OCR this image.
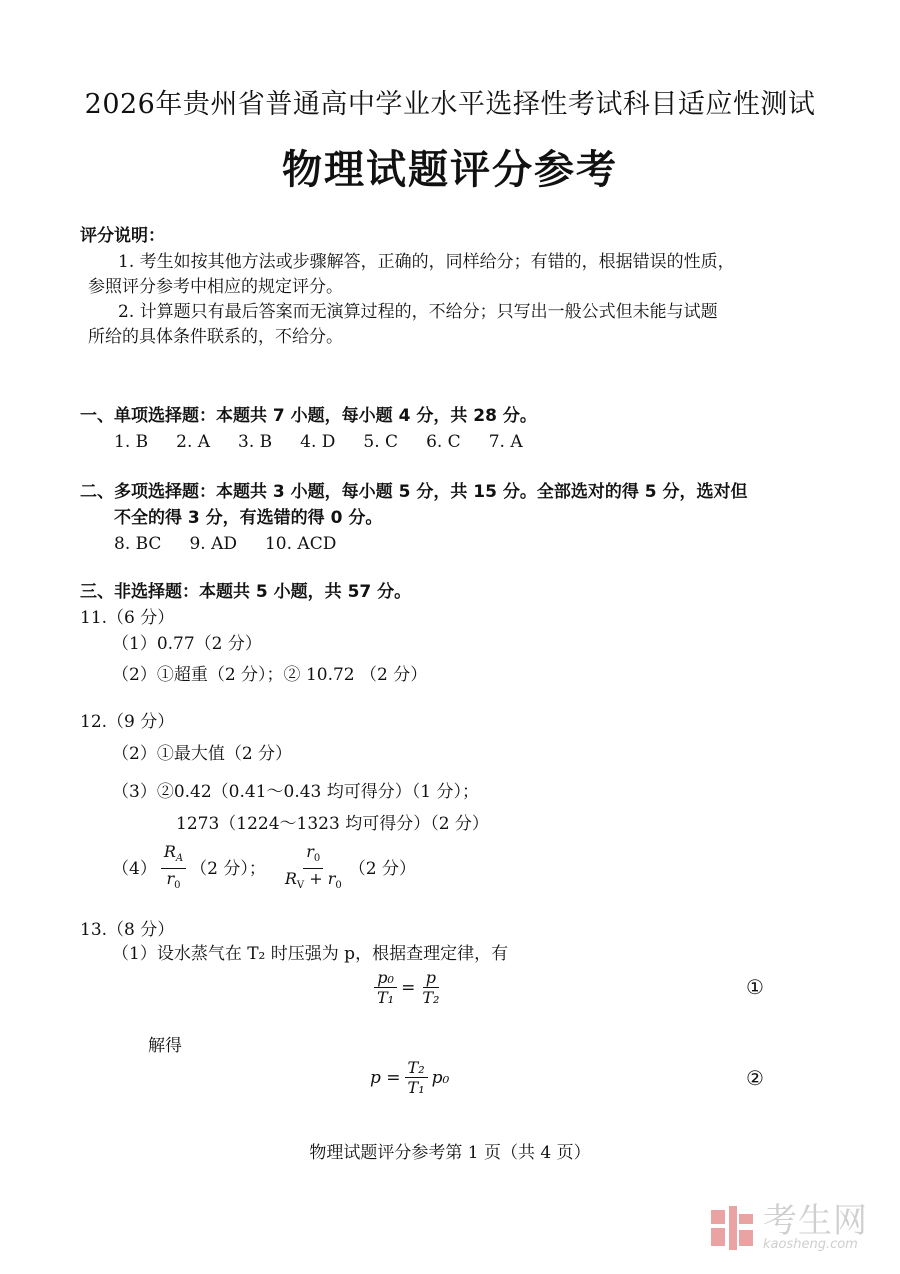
2026年贵州省普通高中学业水平选择性考试科目适应性测试
物理试题评分参考
评分说明：
1. 考生如按其他方法或步骤解答，正确的，同样给分；有错的，根据错误的性质，
参照评分参考中相应的规定评分。
2. 计算题只有最后答案而无演算过程的，不给分；只写出一般公式但未能与试题
所给的具体条件联系的，不给分。
一、单项选择题：本题共 7 小题，每小题 4 分，共 28 分。
1. B 2. A 3. B 4. D 5. C 6. C 7. A
二、多项选择题：本题共 3 小题，每小题 5 分，共 15 分。全部选对的得 5 分，选对但
不全的得 3 分，有选错的得 0 分。
8. BC 9. AD 10. ACD
三、非选择题：本题共 5 小题，共 57 分。
11.（6 分）
（1）0.77（2 分）
（2）①超重（2 分）；② 10.72 （2 分）
12.（9 分）
（2）①最大值（2 分）
（3）②0.42（0.41～0.43 均可得分）（1 分）；
1273（1224～1323 均可得分）（2 分）
$(4) \frac{R_A}{r_0} (2$ 分）； $\frac{r_0}{R_V + r_0} (2$ 分）
13.（8 分）
（1）设水蒸气在 T₂ 时压强为 p，根据查理定律，有
$\frac{\text{p₀}}{\text{T₁}} = \frac{p}{\text{T₂}}$	①
解得
$p = \frac{\text{T₂}}{\text{T₁}} p_0$	②
物理试题评分参考第 1 页（共 4 页）
考生网
kaosheng.com
